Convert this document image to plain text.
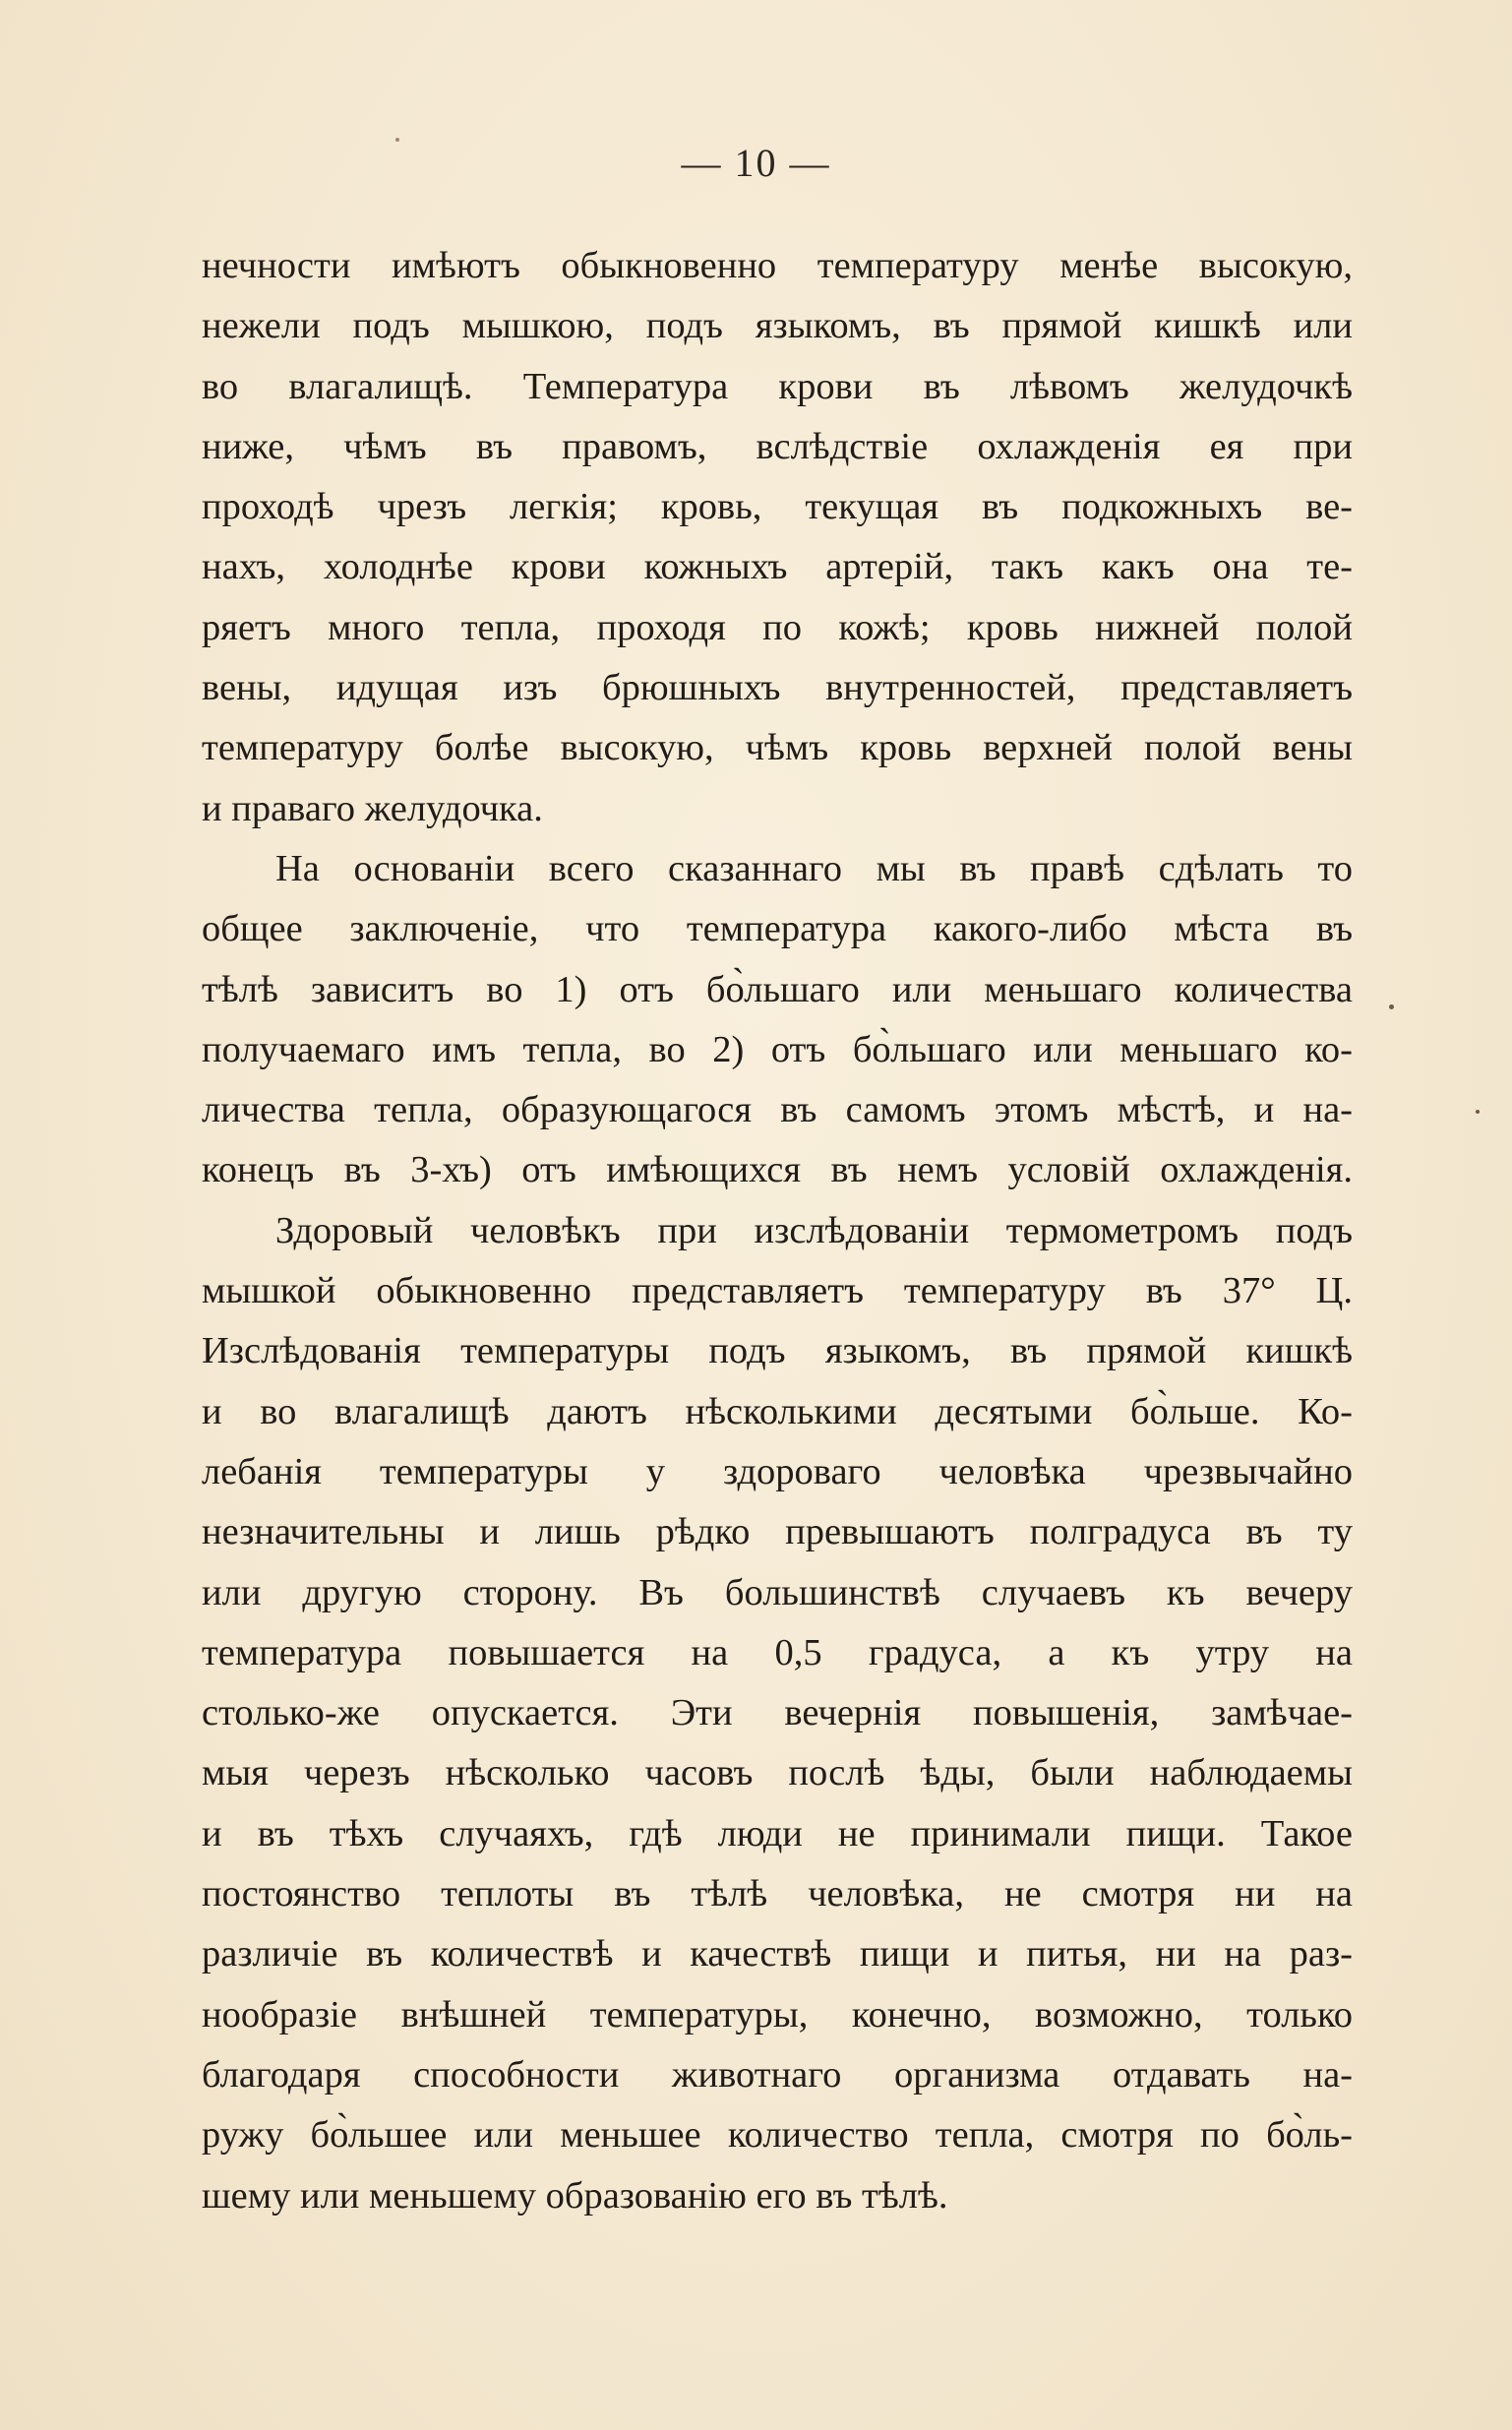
— 10 —
нечности имѣютъ обыкновенно температуру менѣе высокую,
нежели подъ мышкою, подъ языкомъ, въ прямой кишкѣ или
во влагалищѣ. Температура крови въ лѣвомъ желудочкѣ
ниже, чѣмъ въ правомъ, вслѣдствіе охлажденія ея при
проходѣ чрезъ легкія; кровь, текущая въ подкожныхъ ве-
нахъ, холоднѣе крови кожныхъ артерій, такъ какъ она те-
ряетъ много тепла, проходя по кожѣ; кровь нижней полой
вены, идущая изъ брюшныхъ внутренностей, представляетъ
температуру болѣе высокую, чѣмъ кровь верхней полой вены
и праваго желудочка.
На основаніи всего сказаннаго мы въ правѣ сдѣлать то
общее заключеніе, что температура какого-либо мѣста въ
тѣлѣ зависитъ во 1) отъ бо̀льшаго или меньшаго количества
получаемаго имъ тепла, во 2) отъ бо̀льшаго или меньшаго ко-
личества тепла, образующагося въ самомъ этомъ мѣстѣ, и на-
конецъ въ 3-хъ) отъ имѣющихся въ немъ условій охлажденія.
Здоровый человѣкъ при изслѣдованіи термометромъ подъ
мышкой обыкновенно представляетъ температуру въ 37° Ц.
Изслѣдованія температуры подъ языкомъ, въ прямой кишкѣ
и во влагалищѣ даютъ нѣсколькими десятыми бо̀льше. Ко-
лебанія температуры у здороваго человѣка чрезвычайно
незначительны и лишь рѣдко превышаютъ полградуса въ ту
или другую сторону. Въ большинствѣ случаевъ къ вечеру
температура повышается на 0,5 градуса, а къ утру на
столько-же опускается. Эти вечернія повышенія, замѣчае-
мыя черезъ нѣсколько часовъ послѣ ѣды, были наблюдаемы
и въ тѣхъ случаяхъ, гдѣ люди не принимали пищи. Такое
постоянство теплоты въ тѣлѣ человѣка, не смотря ни на
различіе въ количествѣ и качествѣ пищи и питья, ни на раз-
нообразіе внѣшней температуры, конечно, возможно, только
благодаря способности животнаго организма отдавать на-
ружу бо̀льшее или меньшее количество тепла, смотря по бо̀ль-
шему или меньшему образованію его въ тѣлѣ.
